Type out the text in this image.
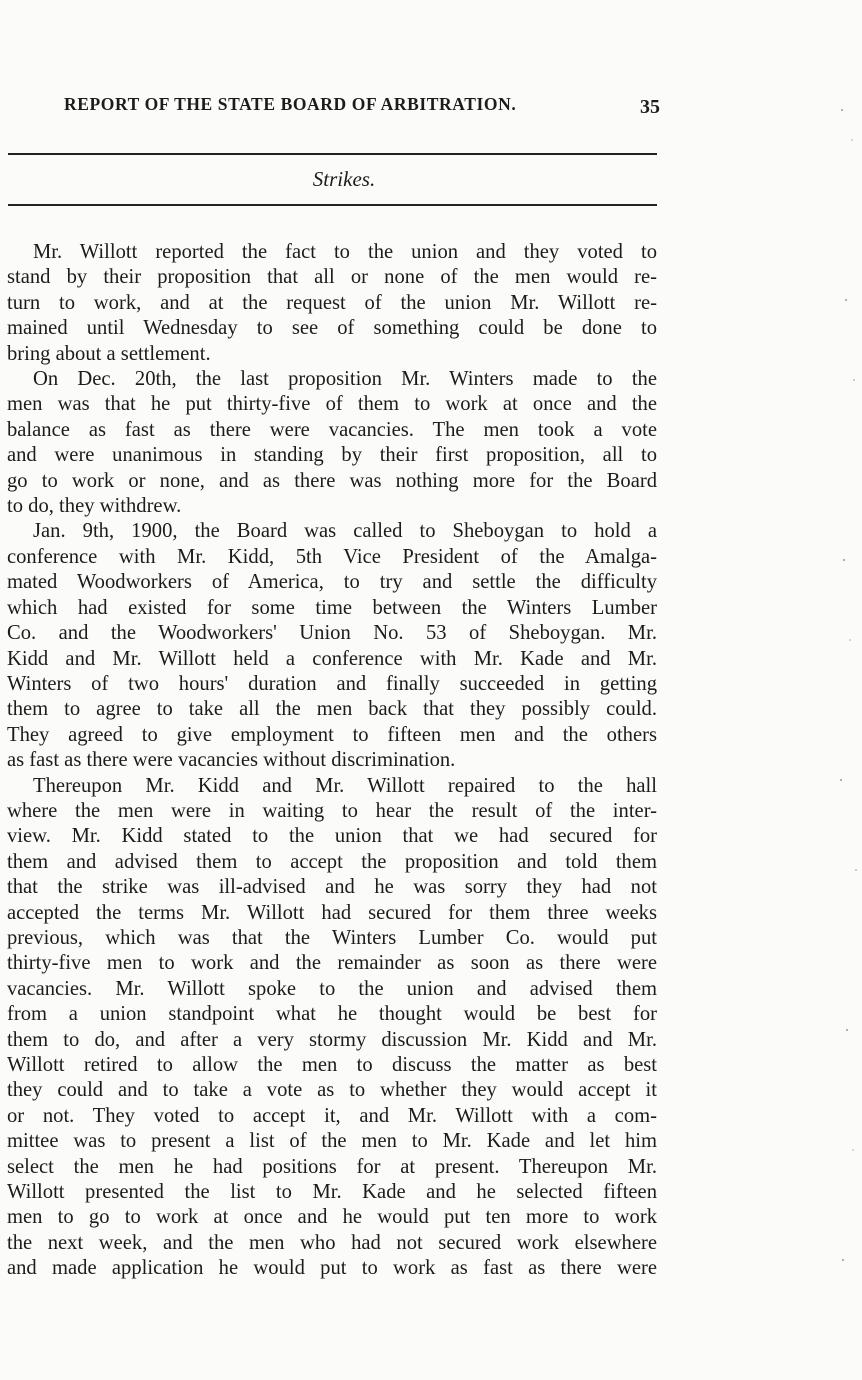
REPORT OF THE STATE BOARD OF ARBITRATION.	35
Strikes.
Mr. Willott reported the fact to the union and they voted to
stand by their proposition that all or none of the men would re-
turn to work, and at the request of the union Mr. Willott re-
mained until Wednesday to see of something could be done to
bring about a settlement.
On Dec. 20th, the last proposition Mr. Winters made to the
men was that he put thirty-five of them to work at once and the
balance as fast as there were vacancies. The men took a vote
and were unanimous in standing by their first proposition, all to
go to work or none, and as there was nothing more for the Board
to do, they withdrew.
Jan. 9th, 1900, the Board was called to Sheboygan to hold a
conference with Mr. Kidd, 5th Vice President of the Amalga-
mated Woodworkers of America, to try and settle the difficulty
which had existed for some time between the Winters Lumber
Co. and the Woodworkers' Union No. 53 of Sheboygan. Mr.
Kidd and Mr. Willott held a conference with Mr. Kade and Mr.
Winters of two hours' duration and finally succeeded in getting
them to agree to take all the men back that they possibly could.
They agreed to give employment to fifteen men and the others
as fast as there were vacancies without discrimination.
Thereupon Mr. Kidd and Mr. Willott repaired to the hall
where the men were in waiting to hear the result of the inter-
view. Mr. Kidd stated to the union that we had secured for
them and advised them to accept the proposition and told them
that the strike was ill-advised and he was sorry they had not
accepted the terms Mr. Willott had secured for them three weeks
previous, which was that the Winters Lumber Co. would put
thirty-five men to work and the remainder as soon as there were
vacancies. Mr. Willott spoke to the union and advised them
from a union standpoint what he thought would be best for
them to do, and after a very stormy discussion Mr. Kidd and Mr.
Willott retired to allow the men to discuss the matter as best
they could and to take a vote as to whether they would accept it
or not. They voted to accept it, and Mr. Willott with a com-
mittee was to present a list of the men to Mr. Kade and let him
select the men he had positions for at present. Thereupon Mr.
Willott presented the list to Mr. Kade and he selected fifteen
men to go to work at once and he would put ten more to work
the next week, and the men who had not secured work elsewhere
and made application he would put to work as fast as there were
